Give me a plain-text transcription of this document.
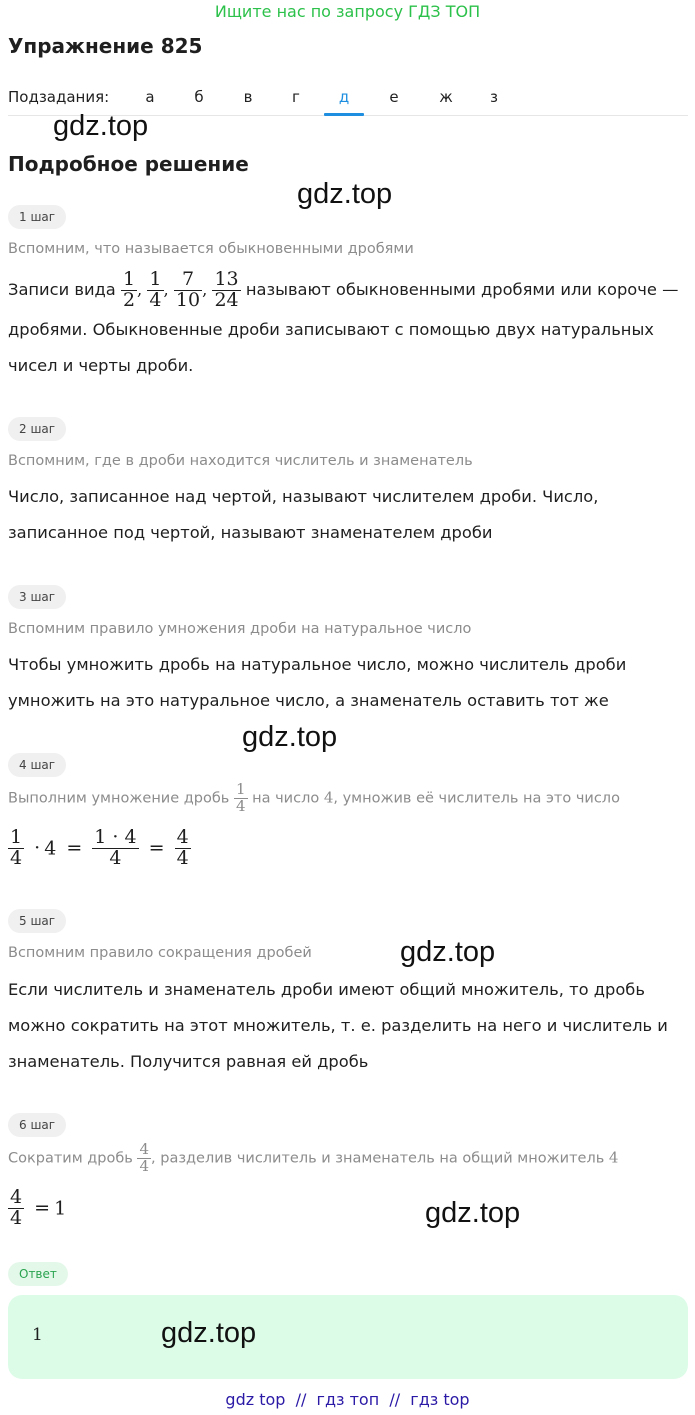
Ищите нас по запросу ГДЗ ТОП
Упражнение 825
Подзадания:	а	б	в	г	д	е	ж	з
gdz.top
Подробное решение
gdz.top
1 шаг
Вспомним, что называется обыкновенными дробями
Записи вида $\frac{1}{2}$ , $\frac{1}{4}$ , $\frac{7}{10}$ , $\frac{13}{24}$ называют обыкновенными дробями или короче —
дробями. Обыкновенные дроби записывают с помощью двух натуральных чисел и черты дроби.
2 шаг
Вспомним, где в дроби находится числитель и знаменатель
Число, записанное над чертой, называют числителем дроби. Число, записанное под чертой, называют знаменателем дроби
3 шаг
Вспомним правило умножения дроби на натуральное число
Чтобы умножить дробь на натуральное число, можно числитель дроби умножить на это натуральное число, а знаменатель оставить тот же
gdz.top
4 шаг
Выполним умножение дробь $\frac{1}{4}$ на число 4, умножив её числитель на это число
$\frac{1}{4} \cdot 4 = \frac{1 \cdot 4}{4} = \frac{4}{4}$
5 шаг
Вспомним правило сокращения дробей	gdz.top
Если числитель и знаменатель дроби имеют общий множитель, то дробь можно сократить на этот множитель, т. е. разделить на него и числитель и знаменатель. Получится равная ей дробь
6 шаг
Сократим дробь $\frac{4}{4}$ , разделив числитель и знаменатель на общий множитель 4
$\frac{4}{4} = 1$	gdz.top
Ответ
1	gdz.top
gdz top  //  гдз топ  //  гдз top
